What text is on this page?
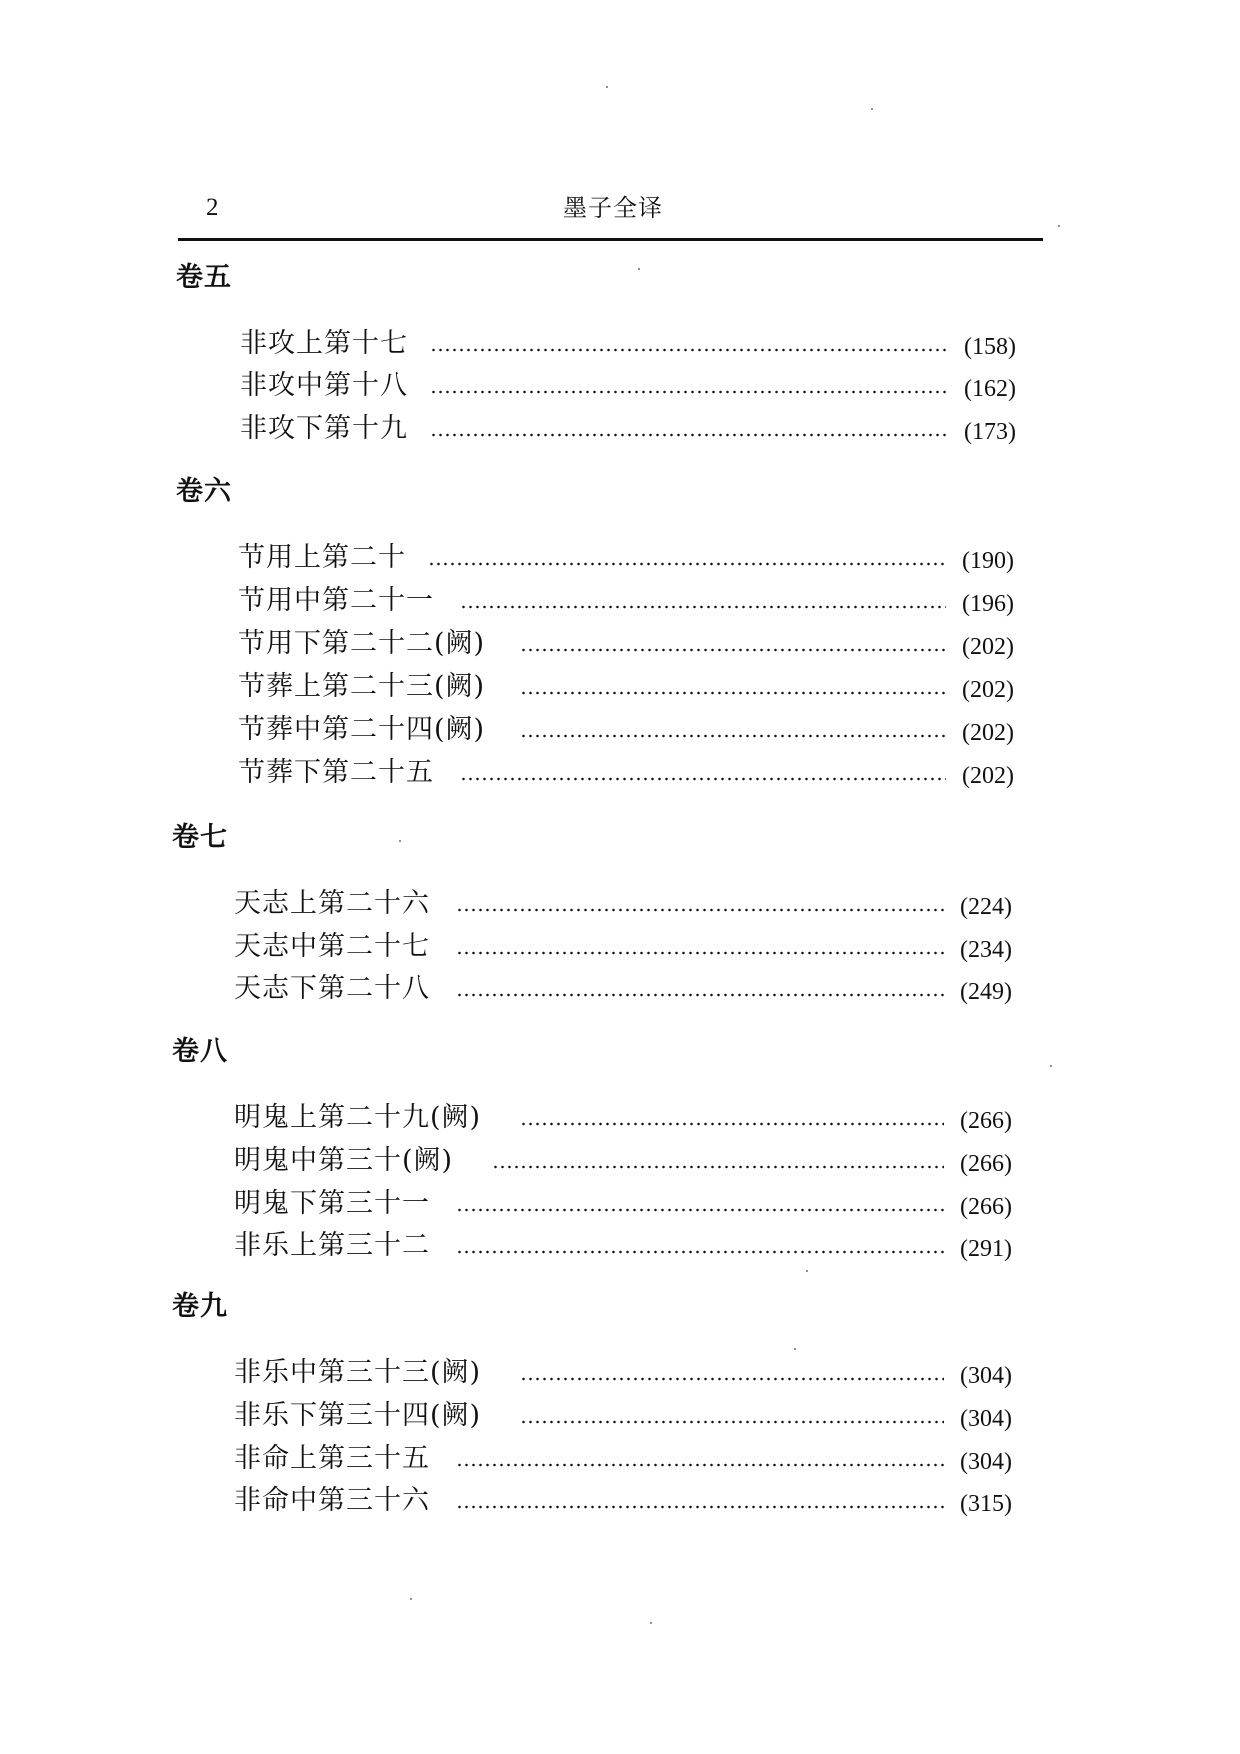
2	墨子全译
卷五
非攻上第十七	(158)
非攻中第十八	(162)
非攻下第十九	(173)
卷六
节用上第二十	(190)
节用中第二十一	(196)
节用下第二十二(阙)	(202)
节葬上第二十三(阙)	(202)
节葬中第二十四(阙)	(202)
节葬下第二十五	(202)
卷七
天志上第二十六	(224)
天志中第二十七	(234)
天志下第二十八	(249)
卷八
明鬼上第二十九(阙)	(266)
明鬼中第三十(阙)	(266)
明鬼下第三十一	(266)
非乐上第三十二	(291)
卷九
非乐中第三十三(阙)	(304)
非乐下第三十四(阙)	(304)
非命上第三十五	(304)
非命中第三十六	(315)
